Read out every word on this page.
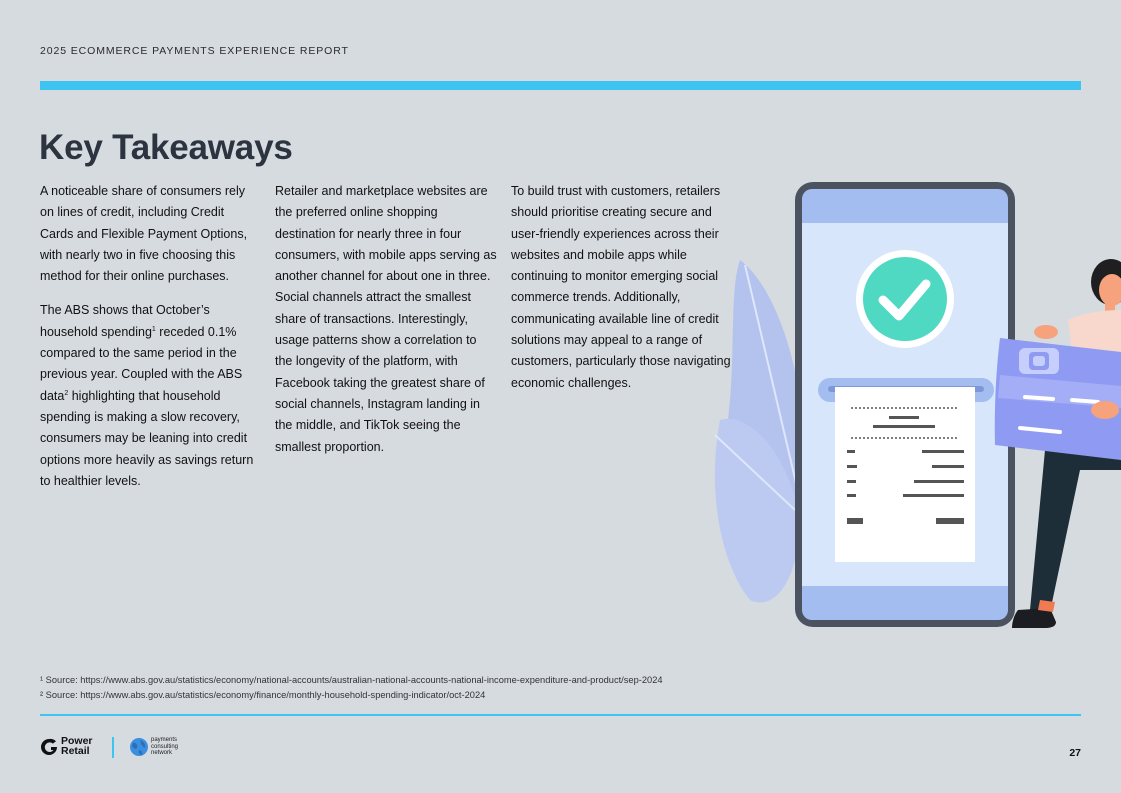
2025 ECOMMERCE PAYMENTS EXPERIENCE REPORT
Key Takeaways

A noticeable share of consumers rely on lines of credit, including Credit Cards and Flexible Payment Options, with nearly two in five choosing this method for their online purchases.

The ABS shows that October’s household spending$^1$ receded 0.1% compared to the same period in the previous year. Coupled with the ABS data$^2$ highlighting that household spending is making a slow recovery, consumers may be leaning into credit options more heavily as savings return to healthier levels.

Retailer and marketplace websites are the preferred online shopping destination for nearly three in four consumers, with mobile apps serving as another channel for about one in three. Social channels attract the smallest share of transactions. Interestingly, usage patterns show a correlation to the longevity of the platform, with Facebook taking the greatest share of social channels, Instagram landing in the middle, and TikTok seeing the smallest proportion.

To build trust with customers, retailers should prioritise creating secure and user-friendly experiences across their websites and mobile apps while continuing to monitor emerging social commerce trends. Additionally, communicating available line of credit solutions may appeal to a range of customers, particularly those navigating economic challenges.

¹ Source: https://www.abs.gov.au/statistics/economy/national-accounts/australian-national-accounts-national-income-expenditure-and-product/sep-2024
² Source: https://www.abs.gov.au/statistics/economy/finance/monthly-household-spending-indicator/oct-2024
Power
Retail
payments
consulting
network	27
